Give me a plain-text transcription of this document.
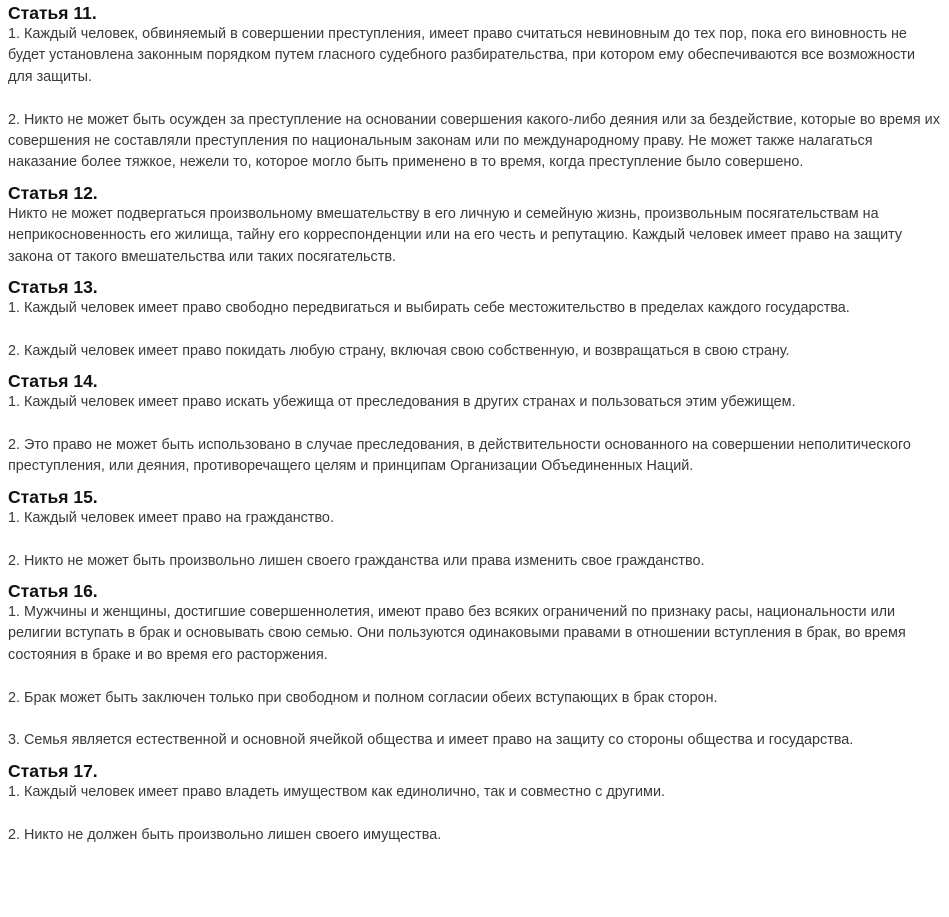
Статья 11.

1. Каждый человек, обвиняемый в совершении преступления, имеет право считаться невиновным до тех пор, пока его виновность не будет установлена законным порядком путем гласного судебного разбирательства, при котором ему обеспечиваются все возможности для защиты.

2. Никто не может быть осужден за преступление на основании совершения какого-либо деяния или за бездействие, которые во время их совершения не составляли преступления по национальным законам или по международному праву. Не может также налагаться наказание более тяжкое, нежели то, которое могло быть применено в то время, когда преступление было совершено.

Статья 12.

Никто не может подвергаться произвольному вмешательству в его личную и семейную жизнь, произвольным посягательствам на неприкосновенность его жилища, тайну его корреспонденции или на его честь и репутацию. Каждый человек имеет право на защиту закона от такого вмешательства или таких посягательств.

Статья 13.

1. Каждый человек имеет право свободно передвигаться и выбирать себе местожительство в пределах каждого государства.

2. Каждый человек имеет право покидать любую страну, включая свою собственную, и возвращаться в свою страну.

Статья 14.

1. Каждый человек имеет право искать убежища от преследования в других странах и пользоваться этим убежищем.

2. Это право не может быть использовано в случае преследования, в действительности основанного на совершении неполитического преступления, или деяния, противоречащего целям и принципам Организации Объединенных Наций.

Статья 15.

1. Каждый человек имеет право на гражданство.

2. Никто не может быть произвольно лишен своего гражданства или права изменить свое гражданство.

Статья 16.

1. Мужчины и женщины, достигшие совершеннолетия, имеют право без всяких ограничений по признаку расы, национальности или религии вступать в брак и основывать свою семью. Они пользуются одинаковыми правами в отношении вступления в брак, во время состояния в браке и во время его расторжения.

2. Брак может быть заключен только при свободном и полном согласии обеих вступающих в брак сторон.

3. Семья является естественной и основной ячейкой общества и имеет право на защиту со стороны общества и государства.

Статья 17.

1. Каждый человек имеет право владеть имуществом как единолично, так и совместно с другими.

2. Никто не должен быть произвольно лишен своего имущества.
